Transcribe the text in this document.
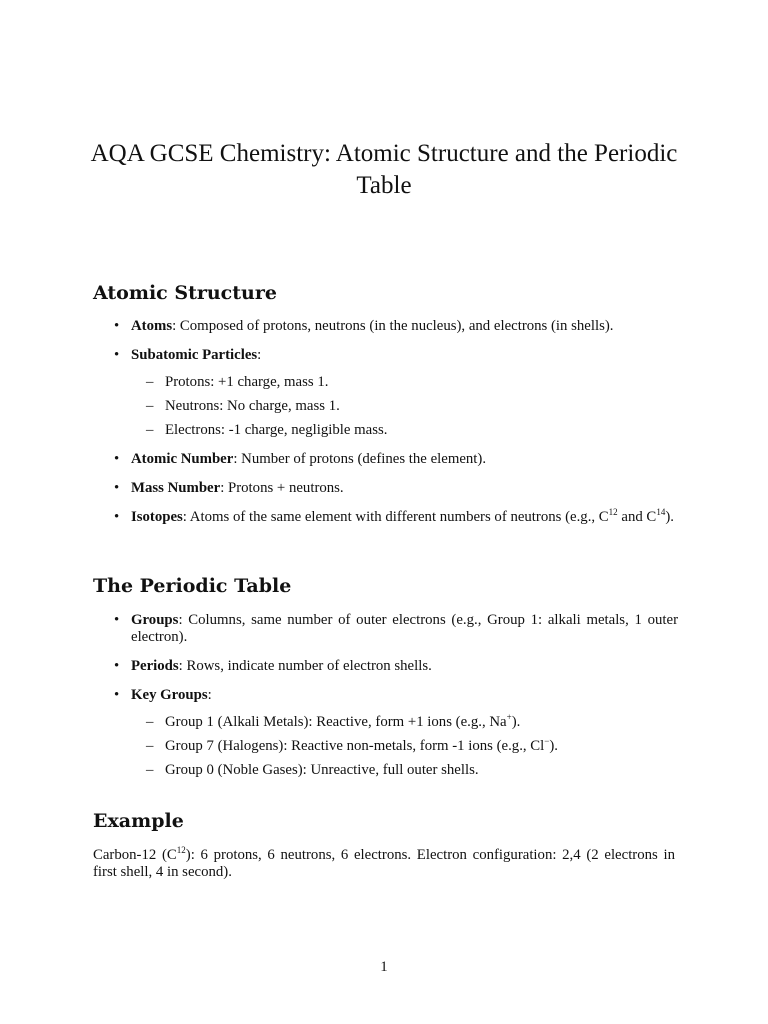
AQA GCSE Chemistry: Atomic Structure and the Periodic Table
Atomic Structure
• Atoms: Composed of protons, neutrons (in the nucleus), and electrons (in shells).
• Subatomic Particles:
– Protons: +1 charge, mass 1.
– Neutrons: No charge, mass 1.
– Electrons: -1 charge, negligible mass.
• Atomic Number: Number of protons (defines the element).
• Mass Number: Protons + neutrons.
• Isotopes: Atoms of the same element with different numbers of neutrons (e.g., $C^{12}$ and $C^{14}$).
The Periodic Table
• Groups: Columns, same number of outer electrons (e.g., Group 1: alkali metals, 1 outer electron).
• Periods: Rows, indicate number of electron shells.
• Key Groups:
– Group 1 (Alkali Metals): Reactive, form +1 ions (e.g., Na+).
– Group 7 (Halogens): Reactive non-metals, form -1 ions (e.g., Cl−).
– Group 0 (Noble Gases): Unreactive, full outer shells.
Example

Carbon-12 $(C^{12})$: 6 protons, 6 neutrons, 6 electrons. Electron configuration: 2,4 (2 electrons in first shell, 4 in second).

1
